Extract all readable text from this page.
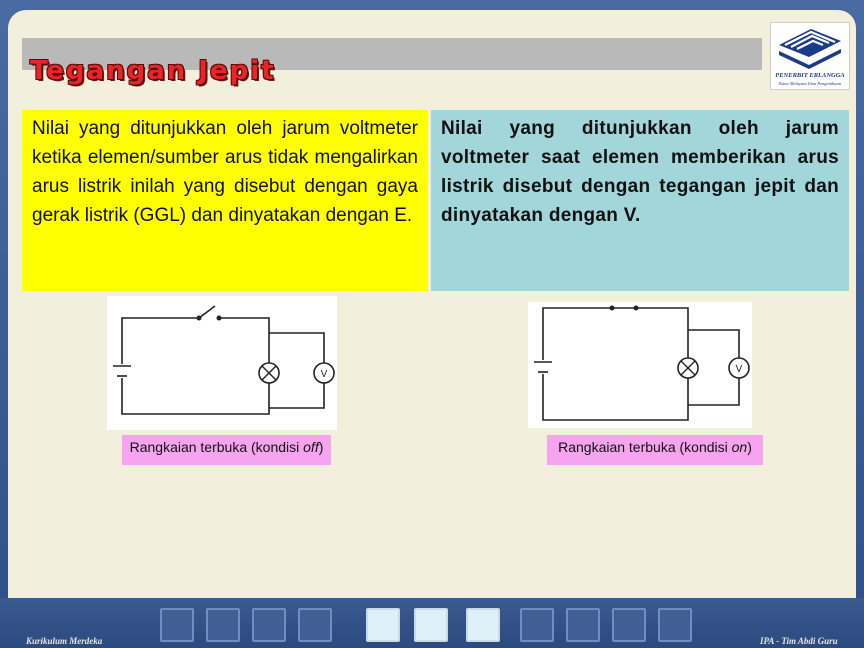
Tegangan Jepit	PENERBIT ERLANGGA
Kami Melayani Ilmu Pengetahuan
Nilai yang ditunjukkan oleh jarum voltmeter ketika elemen/sumber arus tidak mengalirkan arus listrik inilah yang disebut dengan gaya gerak listrik (GGL) dan dinyatakan dengan E.
Nilai yang ditunjukkan oleh jarum voltmeter saat elemen memberikan arus listrik disebut dengan tegangan jepit dan dinyatakan dengan V.
V	V
Rangkaian terbuka (kondisi off)	Rangkaian terbuka (kondisi on)
Kurikulum Merdeka	IPA - Tim Abdi Guru
